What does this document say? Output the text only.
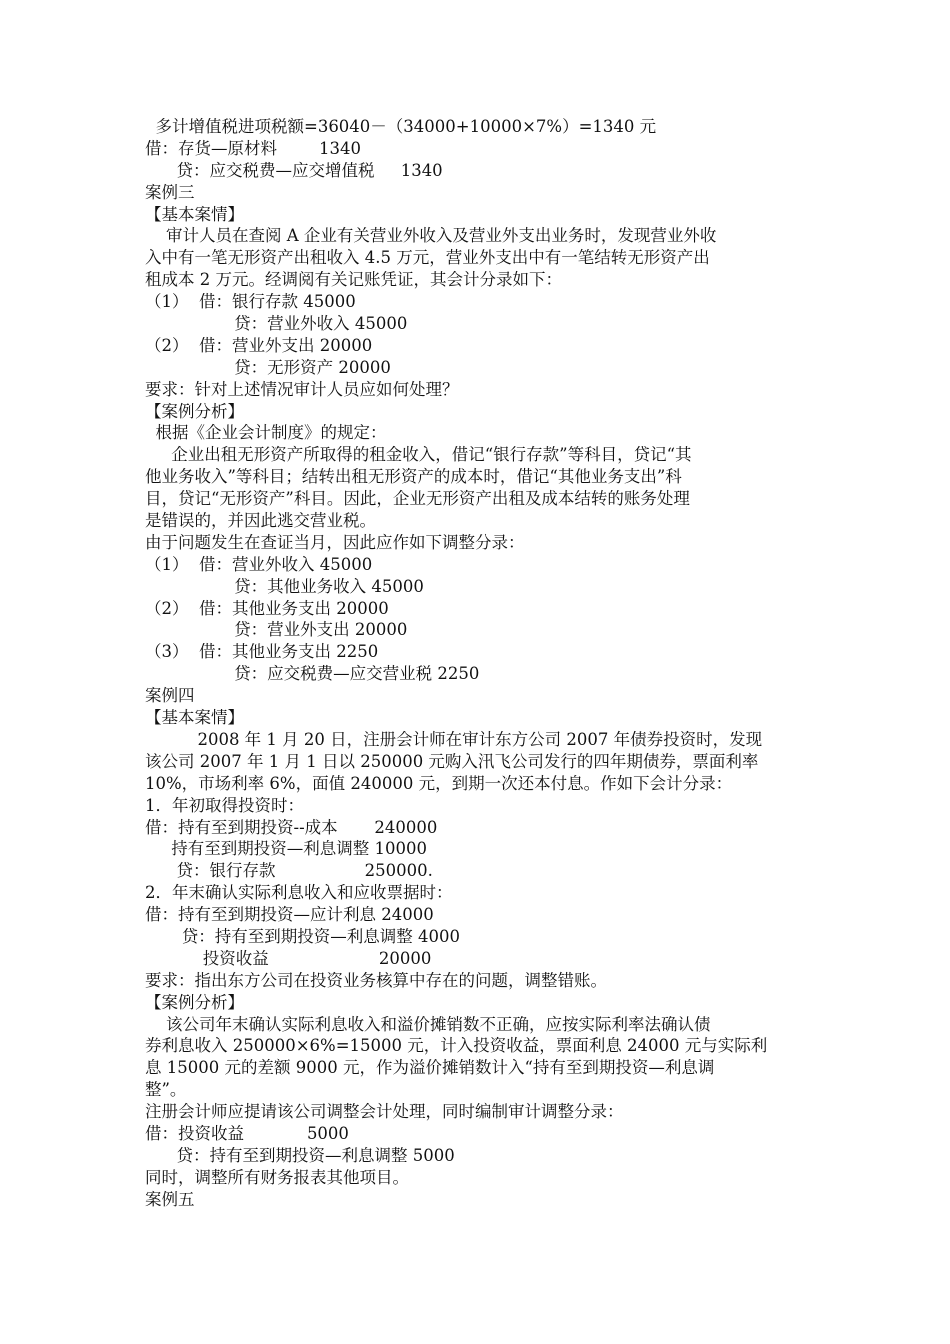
多计增值税进项税额=36040－（34000+10000×7%）=1340 元
借：存货—原材料        1340
贷：应交税费—应交增值税     1340
案例三
【基本案情】
审计人员在查阅 A 企业有关营业外收入及营业外支出业务时，发现营业外收
入中有一笔无形资产出租收入 4.5 万元，营业外支出中有一笔结转无形资产出
租成本 2 万元。经调阅有关记账凭证，其会计分录如下：
（1）  借：银行存款 45000
贷：营业外收入 45000
（2）  借：营业外支出 20000
贷：无形资产 20000
要求：针对上述情况审计人员应如何处理？
【案例分析】
根据《企业会计制度》的规定：
企业出租无形资产所取得的租金收入，借记“银行存款”等科目，贷记“其
他业务收入”等科目；结转出租无形资产的成本时，借记“其他业务支出”科
目，贷记“无形资产”科目。因此，企业无形资产出租及成本结转的账务处理
是错误的，并因此逃交营业税。
由于问题发生在查证当月，因此应作如下调整分录：
（1）  借：营业外收入 45000
贷：其他业务收入 45000
（2）  借：其他业务支出 20000
贷：营业外支出 20000
（3）  借：其他业务支出 2250
贷：应交税费—应交营业税 2250
案例四
【基本案情】
2008 年 1 月 20 日，注册会计师在审计东方公司 2007 年债券投资时，发现
该公司 2007 年 1 月 1 日以 250000 元购入汛飞公司发行的四年期债券，票面利率
10%，市场利率 6%，面值 240000 元，到期一次还本付息。作如下会计分录：
1．年初取得投资时：
借：持有至到期投资--成本       240000
持有至到期投资—利息调整 10000
贷：银行存款                 250000.
2．年末确认实际利息收入和应收票据时：
借：持有至到期投资—应计利息 24000
贷：持有至到期投资—利息调整 4000
投资收益                     20000
要求：指出东方公司在投资业务核算中存在的问题，调整错账。
【案例分析】
该公司年末确认实际利息收入和溢价摊销数不正确，应按实际利率法确认债
券利息收入 250000×6%=15000 元，计入投资收益，票面利息 24000 元与实际利
息 15000 元的差额 9000 元，作为溢价摊销数计入“持有至到期投资—利息调
整”。
注册会计师应提请该公司调整会计处理，同时编制审计调整分录：
借：投资收益            5000
贷：持有至到期投资—利息调整 5000
同时，调整所有财务报表其他项目。
案例五
